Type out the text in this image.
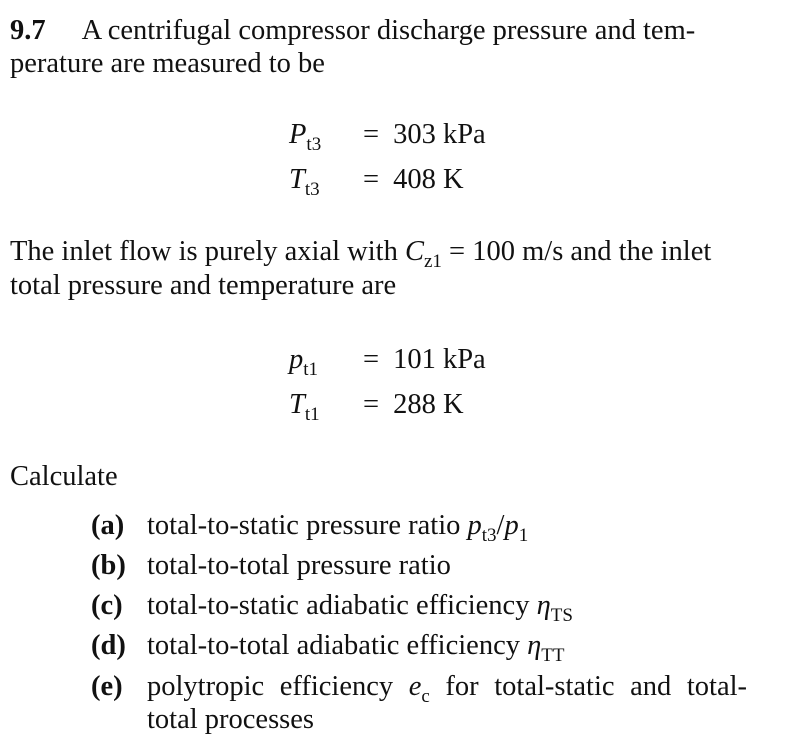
9.7 A centrifugal compressor discharge pressure and tem-
perature are measured to be
$P_{t3} = 303$ kPa
$T_{t3} = 408$ K
The inlet flow is purely axial with $C_{z1} = 100$ m/s and the inlet
total pressure and temperature are
$p_{t1} = 101$ kPa
$T_{t1} = 288$ K
Calculate
(a) total-to-static pressure ratio $p_{t3}/p_1$
(b) total-to-total pressure ratio
(c) total-to-static adiabatic efficiency $\eta_{TS}$
(d) total-to-total adiabatic efficiency $\eta_{TT}$
(e) polytropic efficiency $e_c$ for total-static and total-
total processes
